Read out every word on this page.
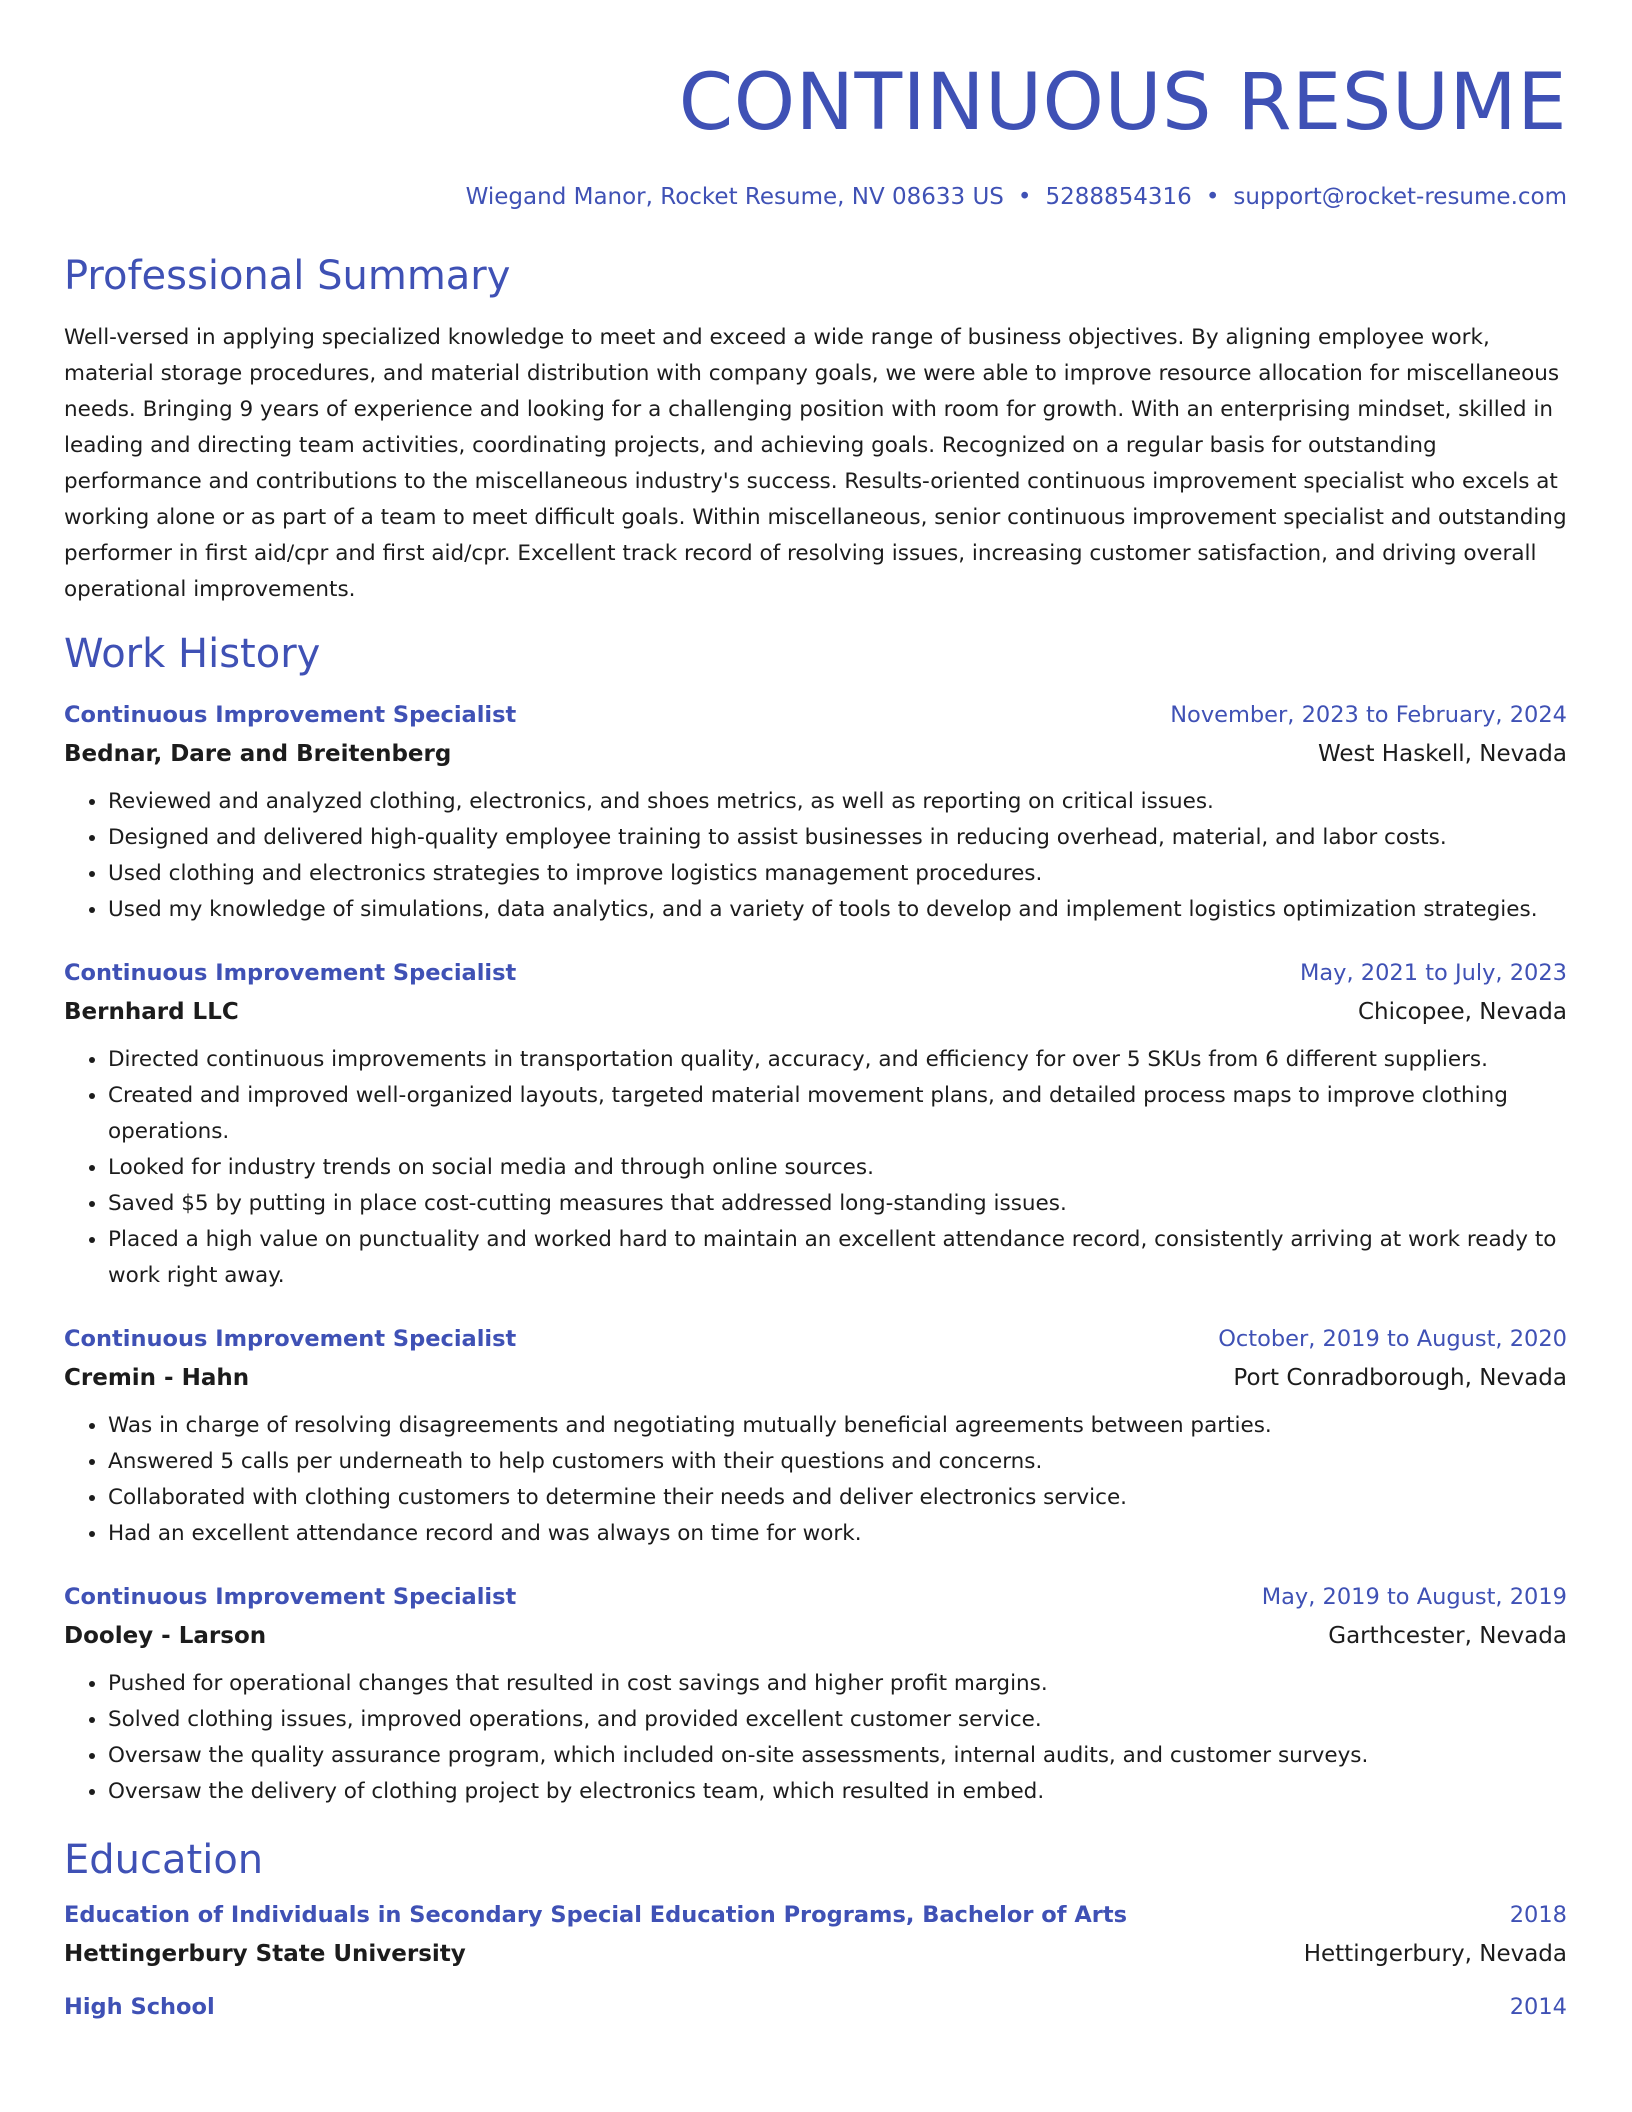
CONTINUOUS RESUME
Wiegand Manor, Rocket Resume, NV 08633 US • 5288854316 • support@rocket-resume.com
Professional Summary

Well-versed in applying specialized knowledge to meet and exceed a wide range of business objectives. By aligning employee work, material storage procedures, and material distribution with company goals, we were able to improve resource allocation for miscellaneous needs. Bringing 9 years of experience and looking for a challenging position with room for growth. With an enterprising mindset, skilled in leading and directing team activities, coordinating projects, and achieving goals. Recognized on a regular basis for outstanding performance and contributions to the miscellaneous industry's success. Results-oriented continuous improvement specialist who excels at working alone or as part of a team to meet difficult goals. Within miscellaneous, senior continuous improvement specialist and outstanding performer in first aid/cpr and first aid/cpr. Excellent track record of resolving issues, increasing customer satisfaction, and driving overall operational improvements.

Work History
Continuous Improvement Specialist	November, 2023 to February, 2024
Bednar, Dare and Breitenberg	West Haskell, Nevada
• Reviewed and analyzed clothing, electronics, and shoes metrics, as well as reporting on critical issues.
• Designed and delivered high-quality employee training to assist businesses in reducing overhead, material, and labor costs.
• Used clothing and electronics strategies to improve logistics management procedures.
• Used my knowledge of simulations, data analytics, and a variety of tools to develop and implement logistics optimization strategies.
Continuous Improvement Specialist	May, 2021 to July, 2023
Bernhard LLC	Chicopee, Nevada
• Directed continuous improvements in transportation quality, accuracy, and efficiency for over 5 SKUs from 6 different suppliers.
• Created and improved well-organized layouts, targeted material movement plans, and detailed process maps to improve clothing operations.
• Looked for industry trends on social media and through online sources.
• Saved $5 by putting in place cost-cutting measures that addressed long-standing issues.
• Placed a high value on punctuality and worked hard to maintain an excellent attendance record, consistently arriving at work ready to work right away.
Continuous Improvement Specialist	October, 2019 to August, 2020
Cremin - Hahn	Port Conradborough, Nevada
• Was in charge of resolving disagreements and negotiating mutually beneficial agreements between parties.
• Answered 5 calls per underneath to help customers with their questions and concerns.
• Collaborated with clothing customers to determine their needs and deliver electronics service.
• Had an excellent attendance record and was always on time for work.
Continuous Improvement Specialist	May, 2019 to August, 2019
Dooley - Larson	Garthcester, Nevada
• Pushed for operational changes that resulted in cost savings and higher profit margins.
• Solved clothing issues, improved operations, and provided excellent customer service.
• Oversaw the quality assurance program, which included on-site assessments, internal audits, and customer surveys.
• Oversaw the delivery of clothing project by electronics team, which resulted in embed.
Education
Education of Individuals in Secondary Special Education Programs, Bachelor of Arts	2018
Hettingerbury State University	Hettingerbury, Nevada
High School	2014
